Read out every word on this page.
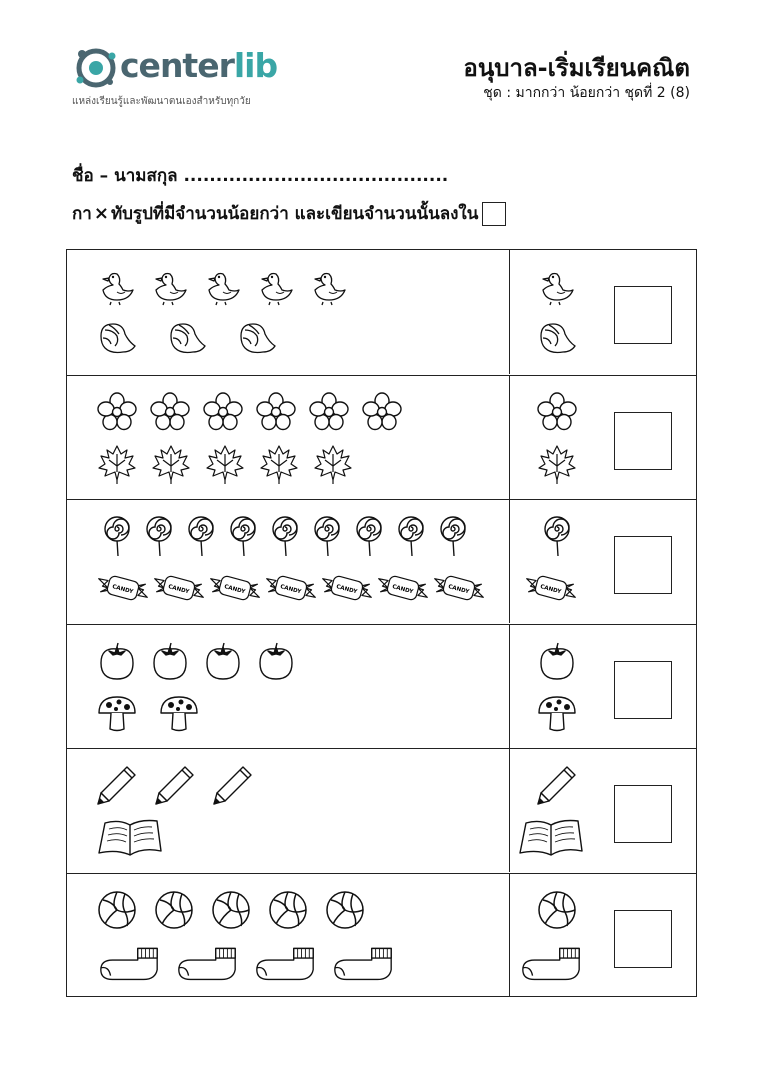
centerlib
แหล่งเรียนรู้และพัฒนาตนเองสำหรับทุกวัย
อนุบาล-เริ่มเรียนคณิต
ชุด : มากกว่า น้อยกว่า ชุดที่ 2 (8)
ชื่อ – นามสกุล .........................................
กา × ทับรูปที่มีจำนวนน้อยกว่า และเขียนจำนวนนั้นลงใน
